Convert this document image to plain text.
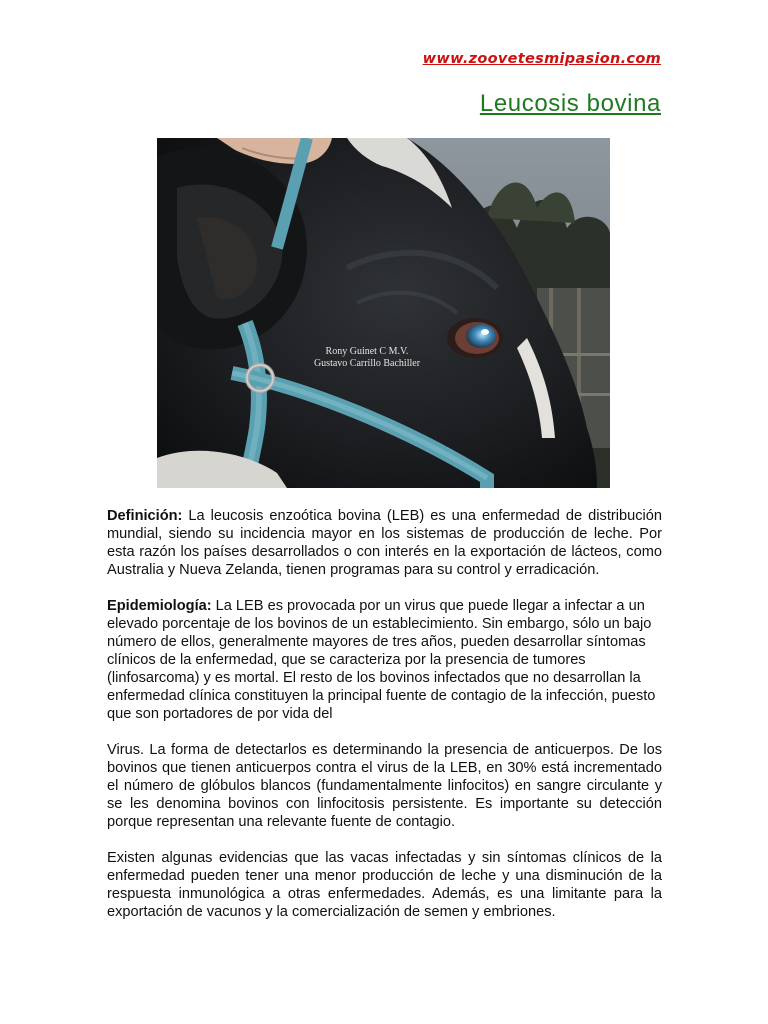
www.zoovetesmipasion.com
Leucosis bovina
Rony Guinet C M.V.
Gustavo Carrillo Bachiller

Definición: La leucosis enzoótica bovina (LEB) es una enfermedad de distribución mundial, siendo su incidencia mayor en los sistemas de producción de leche. Por esta razón los países desarrollados o con interés en la exportación de lácteos, como Australia y Nueva Zelanda, tienen programas para su control y erradicación.

Epidemiología: La LEB es provocada por un virus que puede llegar a infectar a un elevado porcentaje de los bovinos de un establecimiento. Sin embargo, sólo un bajo número de ellos, generalmente mayores de tres años, pueden desarrollar síntomas clínicos de la enfermedad, que se caracteriza por la presencia de tumores (linfosarcoma) y es mortal. El resto de los bovinos infectados que no desarrollan la enfermedad clínica constituyen la principal fuente de contagio de la infección, puesto que son portadores de por vida del

Virus. La forma de detectarlos es determinando la presencia de anticuerpos. De los bovinos que tienen anticuerpos contra el virus de la LEB, en 30% está incrementado el número de glóbulos blancos (fundamentalmente linfocitos) en sangre circulante y se les denomina bovinos con linfocitosis persistente. Es importante su detección porque representan una relevante fuente de contagio.

Existen algunas evidencias que las vacas infectadas y sin síntomas clínicos de la enfermedad pueden tener una menor producción de leche y una disminución de la respuesta inmunológica a otras enfermedades. Además, es una limitante para la exportación de vacunos y la comercialización de semen y embriones.
